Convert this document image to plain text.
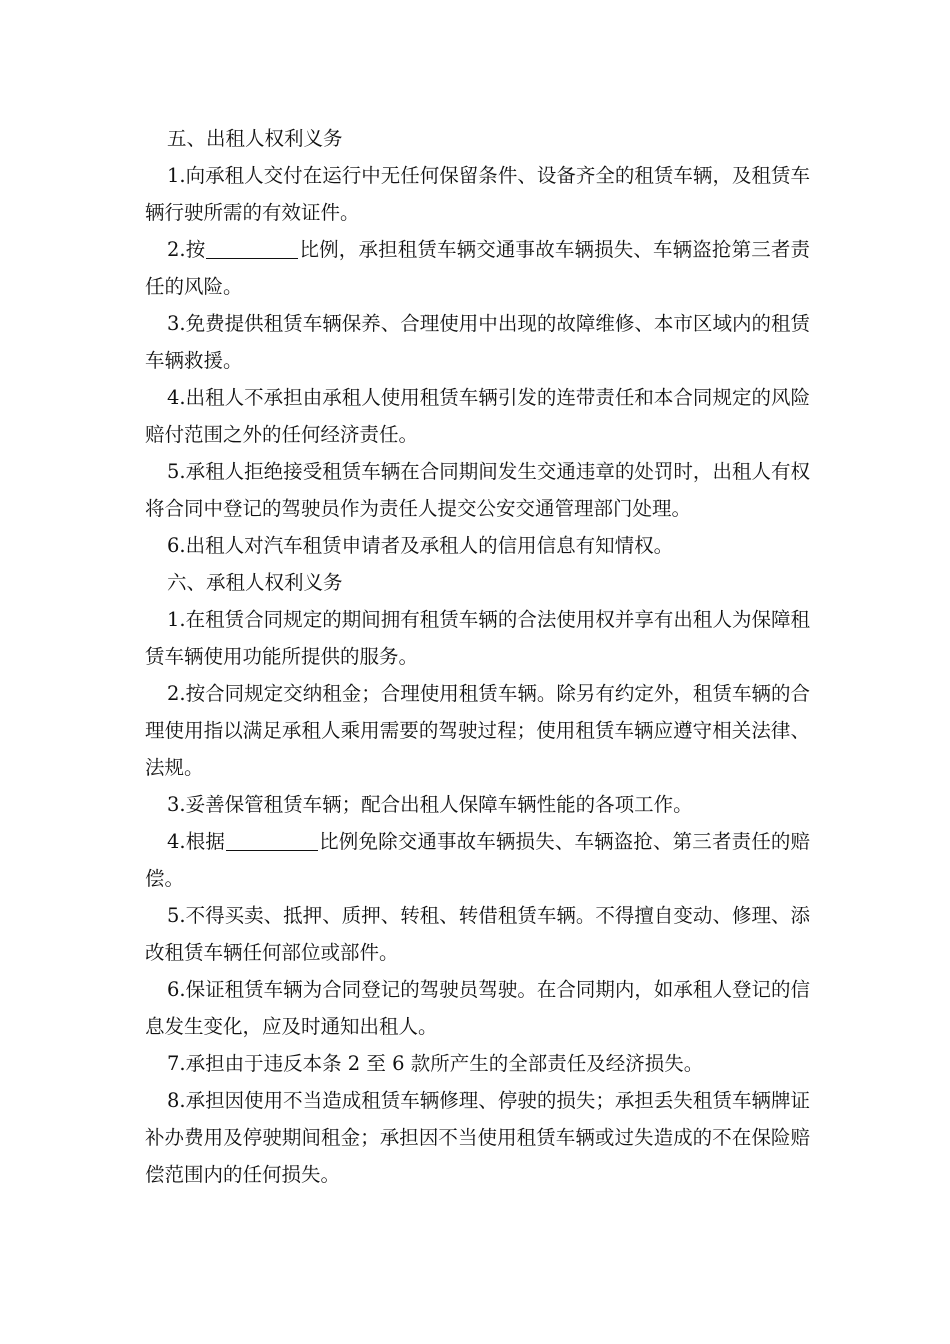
五、出租人权利义务

1.向承租人交付在运行中无任何保留条件、设备齐全的租赁车辆，及租赁车辆行驶所需的有效证件。

2.按	比例，承担租赁车辆交通事故车辆损失、车辆盗抢第三者责任的风险。

3.免费提供租赁车辆保养、合理使用中出现的故障维修、本市区域内的租赁车辆救援。

4.出租人不承担由承租人使用租赁车辆引发的连带责任和本合同规定的风险赔付范围之外的任何经济责任。

5.承租人拒绝接受租赁车辆在合同期间发生交通违章的处罚时，出租人有权将合同中登记的驾驶员作为责任人提交公安交通管理部门处理。

6.出租人对汽车租赁申请者及承租人的信用信息有知情权。

六、承租人权利义务

1.在租赁合同规定的期间拥有租赁车辆的合法使用权并享有出租人为保障租赁车辆使用功能所提供的服务。

2.按合同规定交纳租金；合理使用租赁车辆。除另有约定外，租赁车辆的合理使用指以满足承租人乘用需要的驾驶过程；使用租赁车辆应遵守相关法律、法规。

3.妥善保管租赁车辆；配合出租人保障车辆性能的各项工作。

4.根据	比例免除交通事故车辆损失、车辆盗抢、第三者责任的赔偿。

5.不得买卖、抵押、质押、转租、转借租赁车辆。不得擅自变动、修理、添改租赁车辆任何部位或部件。

6.保证租赁车辆为合同登记的驾驶员驾驶。在合同期内，如承租人登记的信息发生变化，应及时通知出租人。

7.承担由于违反本条 2 至 6 款所产生的全部责任及经济损失。

8.承担因使用不当造成租赁车辆修理、停驶的损失；承担丢失租赁车辆牌证补办费用及停驶期间租金；承担因不当使用租赁车辆或过失造成的不在保险赔偿范围内的任何损失。
